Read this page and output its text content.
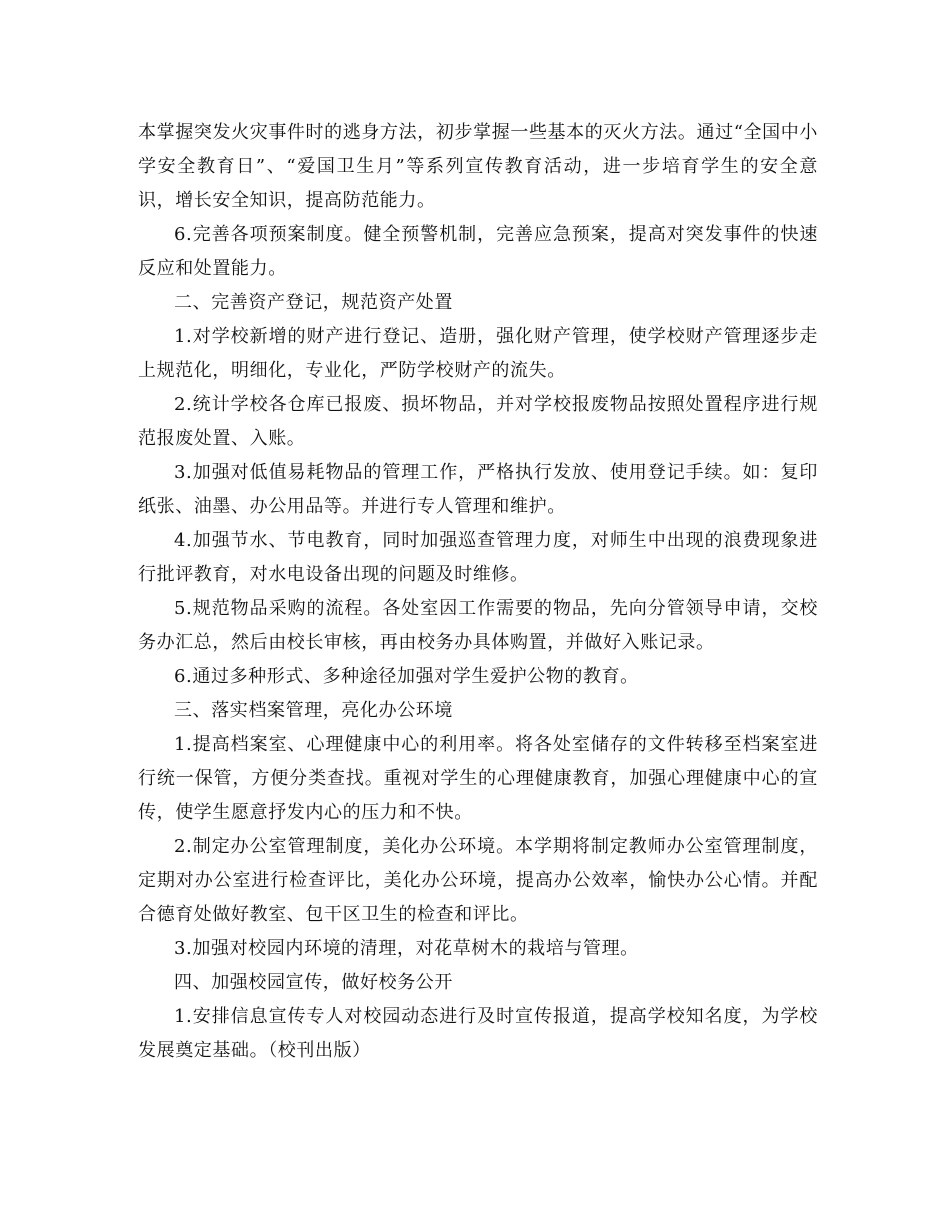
本掌握突发火灾事件时的逃身方法，初步掌握一些基本的灭火方法。通过“全国中小学安全教育日”、“爱国卫生月”等系列宣传教育活动，进一步培育学生的安全意识，增长安全知识，提高防范能力。

6.完善各项预案制度。健全预警机制，完善应急预案，提高对突发事件的快速反应和处置能力。

二、完善资产登记，规范资产处置

1.对学校新增的财产进行登记、造册，强化财产管理，使学校财产管理逐步走上规范化，明细化，专业化，严防学校财产的流失。

2.统计学校各仓库已报废、损坏物品，并对学校报废物品按照处置程序进行规范报废处置、入账。

3.加强对低值易耗物品的管理工作，严格执行发放、使用登记手续。如：复印纸张、油墨、办公用品等。并进行专人管理和维护。

4.加强节水、节电教育，同时加强巡查管理力度，对师生中出现的浪费现象进行批评教育，对水电设备出现的问题及时维修。

5.规范物品采购的流程。各处室因工作需要的物品，先向分管领导申请，交校务办汇总，然后由校长审核，再由校务办具体购置，并做好入账记录。

6.通过多种形式、多种途径加强对学生爱护公物的教育。

三、落实档案管理，亮化办公环境

1.提高档案室、心理健康中心的利用率。将各处室储存的文件转移至档案室进行统一保管，方便分类查找。重视对学生的心理健康教育，加强心理健康中心的宣传，使学生愿意抒发内心的压力和不快。

2.制定办公室管理制度，美化办公环境。本学期将制定教师办公室管理制度，定期对办公室进行检查评比，美化办公环境，提高办公效率，愉快办公心情。并配合德育处做好教室、包干区卫生的检查和评比。

3.加强对校园内环境的清理，对花草树木的栽培与管理。

四、加强校园宣传，做好校务公开

1.安排信息宣传专人对校园动态进行及时宣传报道，提高学校知名度，为学校发展奠定基础。（校刊出版）
